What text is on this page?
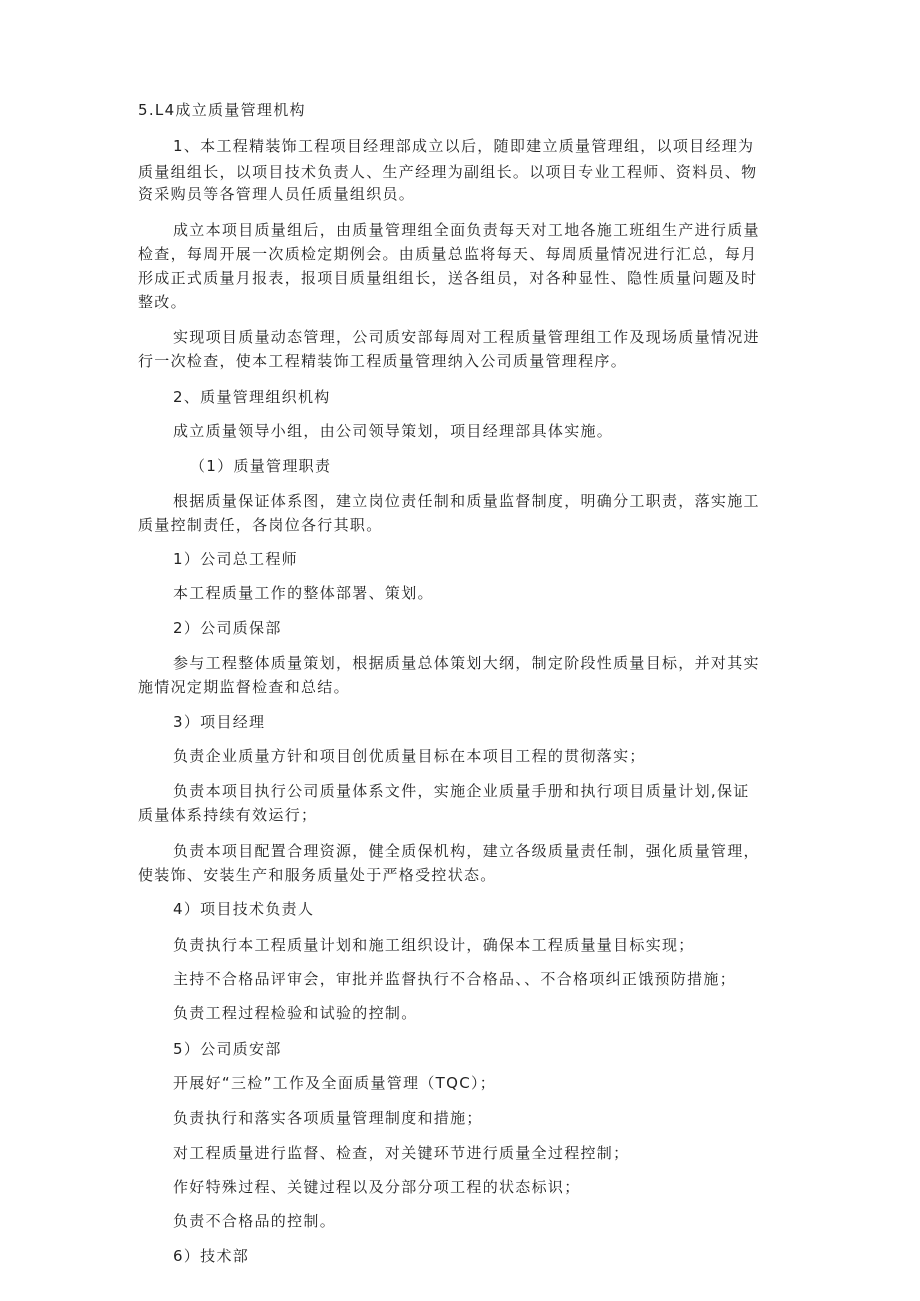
5.L4成立质量管理机构
1、本工程精装饰工程项目经理部成立以后，随即建立质量管理组，以项目经理为
质量组组长，以项目技术负责人、生产经理为副组长。以项目专业工程师、资料员、物
资采购员等各管理人员任质量组织员。
成立本项目质量组后，由质量管理组全面负责每天对工地各施工班组生产进行质量
检查，每周开展一次质检定期例会。由质量总监将每天、每周质量情况进行汇总，每月
形成正式质量月报表，报项目质量组组长，送各组员，对各种显性、隐性质量问题及时
整改。
实现项目质量动态管理，公司质安部每周对工程质量管理组工作及现场质量情况进
行一次检查，使本工程精装饰工程质量管理纳入公司质量管理程序。
2、质量管理组织机构
成立质量领导小组，由公司领导策划，项目经理部具体实施。
（1）质量管理职责
根据质量保证体系图，建立岗位责任制和质量监督制度，明确分工职责，落实施工
质量控制责任，各岗位各行其职。
1）公司总工程师
本工程质量工作的整体部署、策划。
2）公司质保部
参与工程整体质量策划，根据质量总体策划大纲，制定阶段性质量目标，并对其实
施情况定期监督检查和总结。
3）项目经理
负责企业质量方针和项目创优质量目标在本项目工程的贯彻落实；
负责本项目执行公司质量体系文件，实施企业质量手册和执行项目质量计划,保证
质量体系持续有效运行；
负责本项目配置合理资源，健全质保机构，建立各级质量责任制，强化质量管理，
使装饰、安装生产和服务质量处于严格受控状态。
4）项目技术负责人
负责执行本工程质量计划和施工组织设计，确保本工程质量量目标实现；
主持不合格品评审会，审批并监督执行不合格品、、不合格项纠正饿预防措施；
负责工程过程检验和试验的控制。
5）公司质安部
开展好“三检”工作及全面质量管理（TQC）；
负责执行和落实各项质量管理制度和措施；
对工程质量进行监督、检查，对关键环节进行质量全过程控制；
作好特殊过程、关键过程以及分部分项工程的状态标识；
负责不合格品的控制。
6）技术部
